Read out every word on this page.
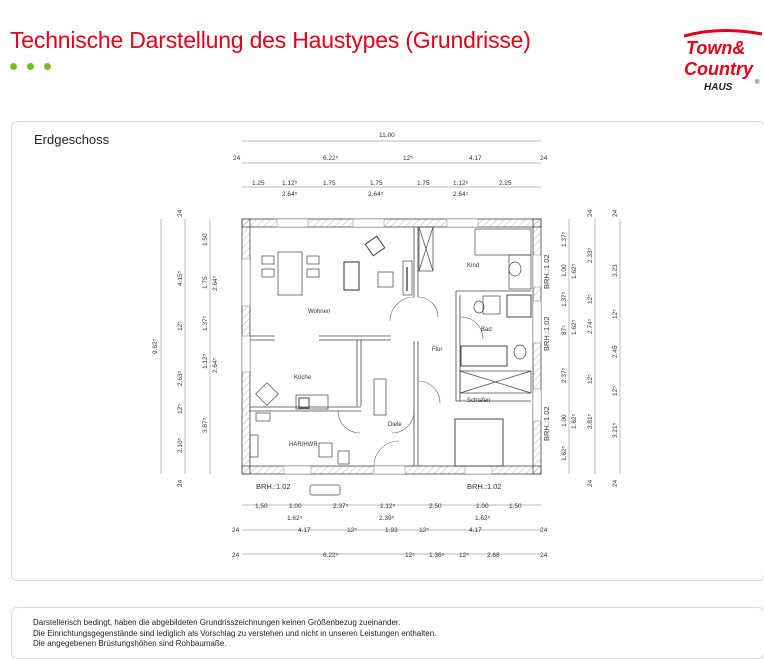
Technische Darstellung des Haustypes (Grundrisse)	Town&
Country
HAUS	®
Erdgeschoss
Wohnen
Küche
HAR/HWR
Diele
Flur
Kind
Bad
Schlafen
BRH.:1.02	BRH.:1.02
BRH.:1.02
BRH.:1.02
BRH.:1.02
11.00
24	6.22⁵	12⁵	4.17	24
1.25	1.12⁵	1.75	1.75	1.75	1.12⁵	2.25
2.64⁵	2.64⁵	2.64⁵
1.50	1.00	2.37⁵	1.12⁵	2.50	1.00	1.50
1.62⁵	2.39⁵	1.62⁵
24	4.17	12⁵	1.93	12⁵	4.17	24
24	6.22⁵	12⁵ 1.36⁵ 12⁵	2.68	24
9.62⁵
24
4.15⁵
12⁵
2.63⁵
12⁵
2.10⁵
24
1.50
1.75
1.37⁵
1.12⁵
3.87⁵
2.64⁵
2.64⁵
1.37⁵
1.00
1.37⁵
87⁵
2.37⁵
1.00
1.62⁵
1.62⁵
1.62⁵
1.62⁵
24
2.33⁵
12⁵
2.74⁵
12⁵
3.81⁵
24
24
3.23
12⁵
2.45
12⁵
3.21⁵
24

Darstellerisch bedingt, haben die abgebildeten Grundrisszeichnungen keinen Größenbezug zueinander.

Die Einrichtungsgegenstände sind lediglich als Vorschlag zu verstehen und nicht in unseren Leistungen enthalten.

Die angegebenen Brüstungshöhen sind Rohbaumaße.
